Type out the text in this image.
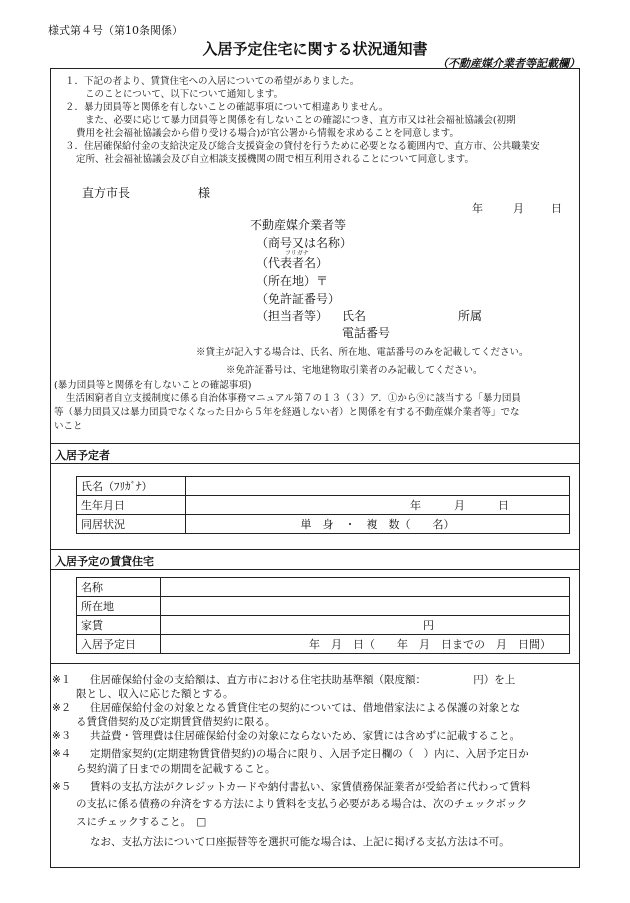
様式第４号（第10条関係）
入居予定住宅に関する状況通知書
（不動産媒介業者等記載欄）
１．下記の者より、賃貸住宅への入居についての希望がありました。
このことについて、以下について通知します。
２．暴力団員等と関係を有しないことの確認事項について相違ありません。
また、必要に応じて暴力団員等と関係を有しないことの確認につき、直方市又は社会福祉協議会(初期
費用を社会福祉協議会から借り受ける場合)が官公署から情報を求めることを同意します。
３．住居確保給付金の支給決定及び総合支援資金の貸付を行うために必要となる範囲内で、直方市、公共職業安
定所、社会福祉協議会及び自立相談支援機関の間で相互利用されることについて同意します。
直方市長	様
年	月 日
不動産媒介業者等
（商号又は名称）
フリガナ
（代表者名）
（所在地）〒
（免許証番号）
（担当者等） 氏名	所属
電話番号
※貸主が記入する場合は、氏名、所在地、電話番号のみを記載してください。
※免許証番号は、宅地建物取引業者のみ記載してください。
(暴力団員等と関係を有しないことの確認事項)
生活困窮者自立支援制度に係る自治体事務マニュアル第７の１３（３）ア．①から⑨に該当する「暴力団員
等（暴力団員又は暴力団員でなくなった日から５年を経過しない者）と関係を有する不動産媒介業者等」でな
いこと
入居予定者
氏名（ﾌﾘｶﾞﾅ）	
生年月日	年　　　月　　　日
同居状況	単　身　・　複　数（　　名）
入居予定の賃貸住宅
名称	
所在地	
家賃	円
入居予定日	年　月　日（　　年　月　日までの　月　日間）
※１ 住居確保給付金の支給額は、直方市における住宅扶助基準額（限度額：　　　　　円）を上
限とし、収入に応じた額とする。
※２ 住居確保給付金の対象となる賃貸住宅の契約については、借地借家法による保護の対象とな
る賃貸借契約及び定期賃貸借契約に限る。
※３ 共益費・管理費は住居確保給付金の対象にならないため、家賃には含めずに記載すること。
※４ 定期借家契約(定期建物賃貸借契約)の場合に限り、入居予定日欄の（　）内に、入居予定日か
ら契約満了日までの期間を記載すること。
※５ 賃料の支払方法がクレジットカードや納付書払い、家賃債務保証業者が受給者に代わって賃料
の支払に係る債務の弁済をする方法により賃料を支払う必要がある場合は、次のチェックボック
スにチェックすること。　□
なお、支払方法について口座振替等を選択可能な場合は、上記に掲げる支払方法は不可。
